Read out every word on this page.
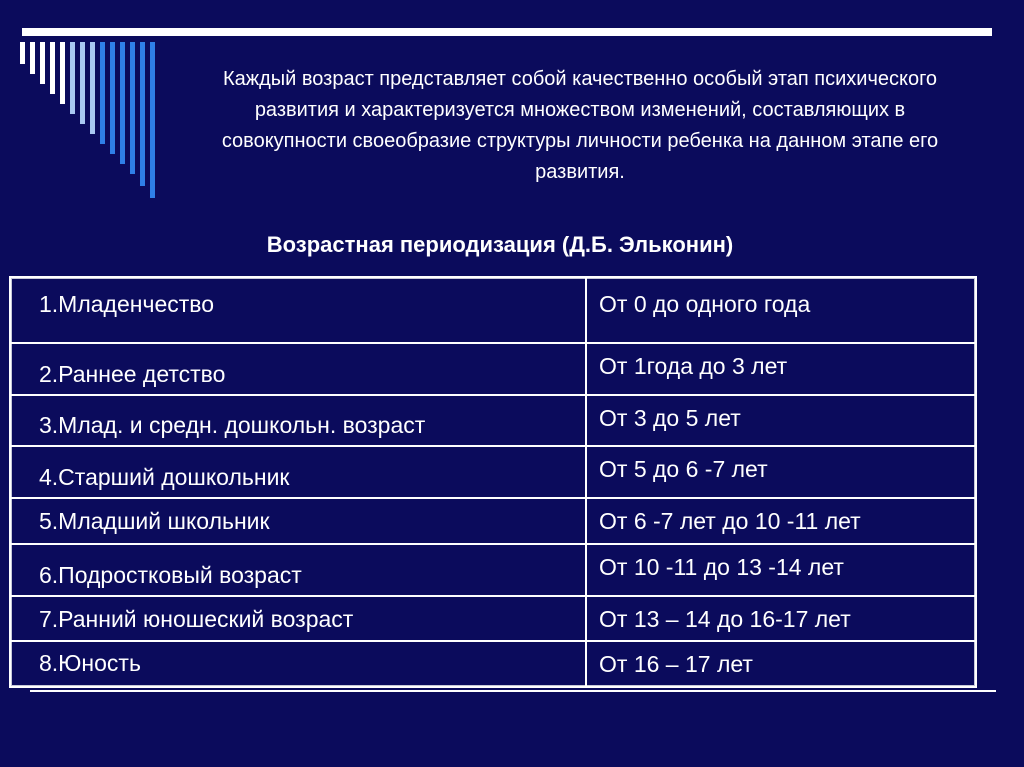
Каждый возраст представляет собой качественно особый этап психического развития и характеризуется множеством изменений, составляющих в совокупности своеобразие структуры личности ребенка на данном этапе его развития.

Возрастная периодизация (Д.Б. Эльконин)
1.Младенчество	От 0 до одного года
2.Раннее детство	От 1года до 3 лет
3.Млад. и средн. дошкольн. возраст	От 3 до 5 лет
4.Старший дошкольник	От 5 до 6 -7 лет
5.Младший школьник	От 6 -7 лет до 10 -11 лет
6.Подростковый возраст	От 10 -11 до 13 -14 лет
7.Ранний юношеский возраст	От 13 – 14 до 16-17 лет
8.Юность	От 16 – 17 лет
